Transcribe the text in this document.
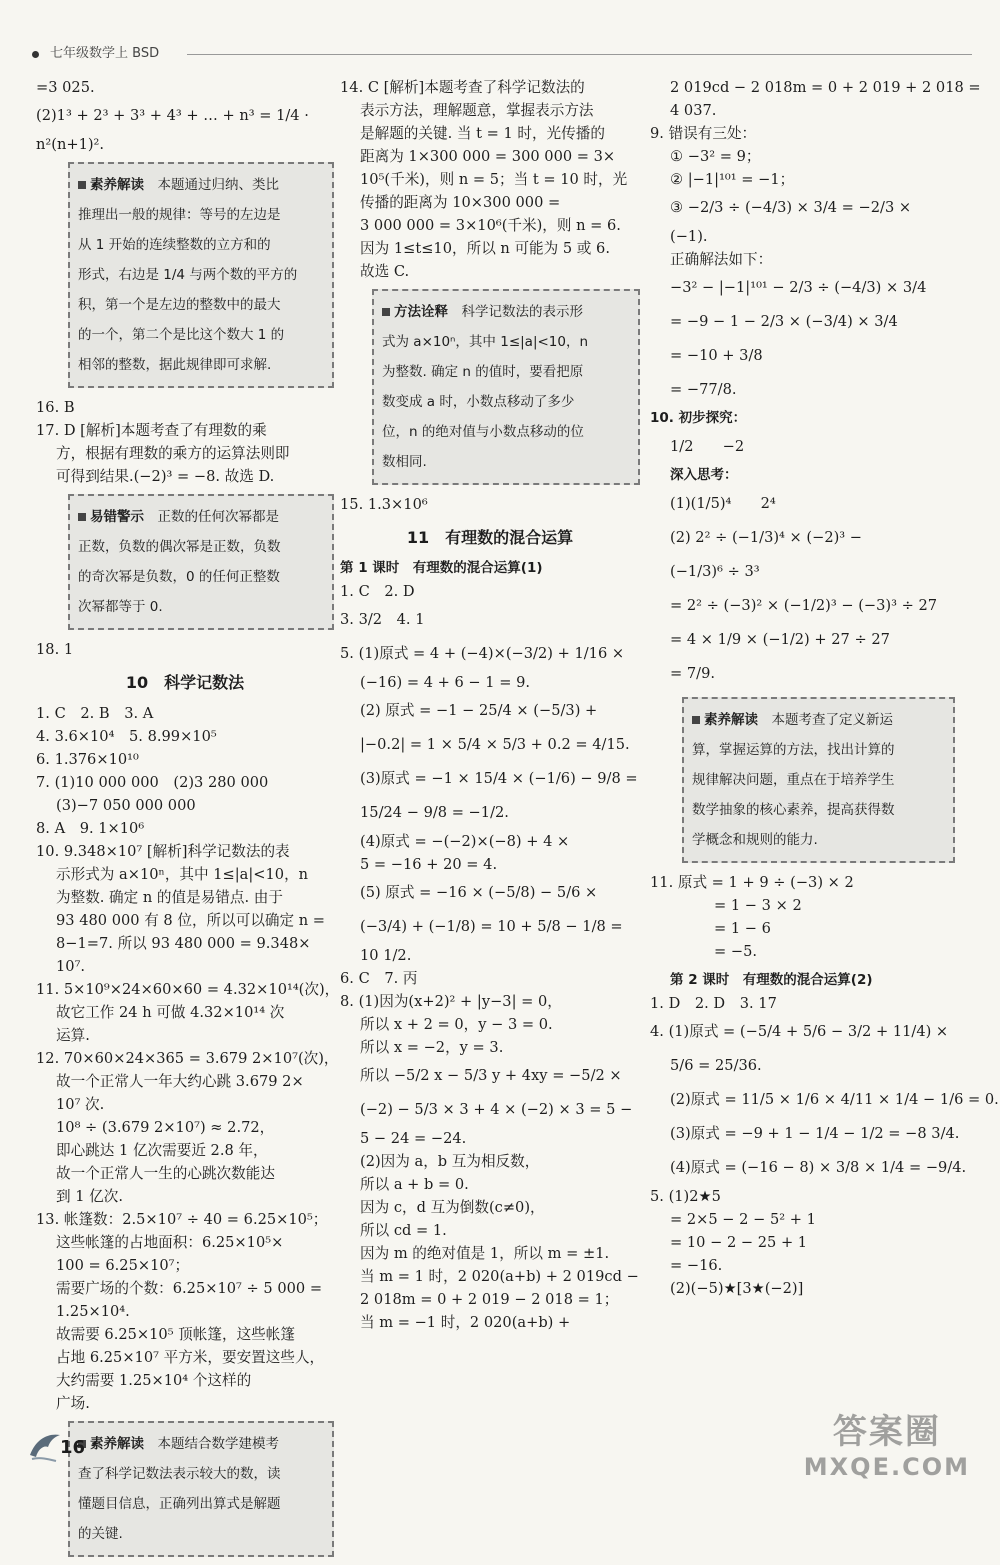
七年级数学上 BSD
=3 025.
(2)1³ + 2³ + 3³ + 4³ + … + n³ = 1/4 ·
n²(n+1)².
素养解读　 本题通过归纳、类比
推理出一般的规律：等号的左边是
从 1 开始的连续整数的立方和的
形式，右边是 1/4 与两个数的平方的
积，第一个是左边的整数中的最大
的一个，第二个是比这个数大 1 的
相邻的整数，据此规律即可求解.
16. B
17. D [解析]本题考查了有理数的乘
方，根据有理数的乘方的运算法则即
可得到结果.(−2)³ = −8. 故选 D.
易错警示　 正数的任何次幂都是
正数，负数的偶次幂是正数，负数
的奇次幂是负数，0 的任何正整数
次幂都等于 0.
18. 1
10　科学记数法
1. C　2. B　3. A
4. 3.6×10⁴　5. 8.99×10⁵
6. 1.376×10¹⁰
7. (1)10 000 000　(2)3 280 000
(3)−7 050 000 000
8. A　9. 1×10⁶
10. 9.348×10⁷ [解析]科学记数法的表
示形式为 a×10ⁿ，其中 1≤|a|<10，n
为整数. 确定 n 的值是易错点. 由于
93 480 000 有 8 位，所以可以确定 n =
8−1=7. 所以 93 480 000 = 9.348×
10⁷.
11. 5×10⁹×24×60×60 = 4.32×10¹⁴(次)，
故它工作 24 h 可做 4.32×10¹⁴ 次
运算.
12. 70×60×24×365 = 3.679 2×10⁷(次)，
故一个正常人一年大约心跳 3.679 2×
10⁷ 次.
10⁸ ÷ (3.679 2×10⁷) ≈ 2.72，
即心跳达 1 亿次需要近 2.8 年，
故一个正常人一生的心跳次数能达
到 1 亿次.
13. 帐篷数：2.5×10⁷ ÷ 40 = 6.25×10⁵；
这些帐篷的占地面积：6.25×10⁵×
100 = 6.25×10⁷；
需要广场的个数：6.25×10⁷ ÷ 5 000 =
1.25×10⁴.
故需要 6.25×10⁵ 顶帐篷，这些帐篷
占地 6.25×10⁷ 平方米，要安置这些人，
大约需要 1.25×10⁴ 个这样的
广场.
素养解读　 本题结合数学建模考
查了科学记数法表示较大的数，读
懂题目信息，正确列出算式是解题
的关键.
14. C [解析]本题考查了科学记数法的
表示方法，理解题意，掌握表示方法
是解题的关键. 当 t = 1 时，光传播的
距离为 1×300 000 = 300 000 = 3×
10⁵(千米)，则 n = 5；当 t = 10 时，光
传播的距离为 10×300 000 =
3 000 000 = 3×10⁶(千米)，则 n = 6.
因为 1≤t≤10，所以 n 可能为 5 或 6.
故选 C.
方法诠释　 科学记数法的表示形
式为 a×10ⁿ，其中 1≤|a|<10，n
为整数. 确定 n 的值时，要看把原
数变成 a 时，小数点移动了多少
位，n 的绝对值与小数点移动的位
数相同.
15. 1.3×10⁶
11　有理数的混合运算
第 1 课时　有理数的混合运算(1)
1. C　2. D
3. 3/2　4. 1
5. (1)原式 = 4 + (−4)×(−3/2) + 1/16 ×
(−16) = 4 + 6 − 1 = 9.
(2) 原式 = −1 − 25/4 × (−5/3) +
|−0.2| = 1 × 5/4 × 5/3 + 0.2 = 4/15.
(3)原式 = −1 × 15/4 × (−1/6) − 9/8 =
15/24 − 9/8 = −1/2.
(4)原式 = −(−2)×(−8) + 4 ×
5 = −16 + 20 = 4.
(5) 原式 = −16 × (−5/8) − 5/6 ×
(−3/4) + (−1/8) = 10 + 5/8 − 1/8 =
10 1/2.
6. C　7. 丙
8. (1)因为(x+2)² + |y−3| = 0，
所以 x + 2 = 0，y − 3 = 0.
所以 x = −2，y = 3.
所以 −5/2 x − 5/3 y + 4xy = −5/2 ×
(−2) − 5/3 × 3 + 4 × (−2) × 3 = 5 −
5 − 24 = −24.
(2)因为 a，b 互为相反数，
所以 a + b = 0.
因为 c，d 互为倒数(c≠0)，
所以 cd = 1.
因为 m 的绝对值是 1，所以 m = ±1.
当 m = 1 时，2 020(a+b) + 2 019cd −
2 018m = 0 + 2 019 − 2 018 = 1；
当 m = −1 时，2 020(a+b) +
2 019cd − 2 018m = 0 + 2 019 + 2 018 =
4 037.
9. 错误有三处：
① −3² = 9；
② |−1|¹⁰¹ = −1；
③ −2/3 ÷ (−4/3) × 3/4 = −2/3 ×
(−1).
正确解法如下：
−3² − |−1|¹⁰¹ − 2/3 ÷ (−4/3) × 3/4
= −9 − 1 − 2/3 × (−3/4) × 3/4
= −10 + 3/8
= −77/8.
10. 初步探究：
1/2　　−2
深入思考：
(1)(1/5)⁴　　2⁴
(2) 2² ÷ (−1/3)⁴ × (−2)³ −
(−1/3)⁶ ÷ 3³
= 2² ÷ (−3)² × (−1/2)³ − (−3)³ ÷ 27
= 4 × 1/9 × (−1/2) + 27 ÷ 27
= 7/9.
素养解读　 本题考查了定义新运
算，掌握运算的方法，找出计算的
规律解决问题，重点在于培养学生
数学抽象的核心素养，提高获得数
学概念和规则的能力.
11. 原式 = 1 + 9 ÷ (−3) × 2
= 1 − 3 × 2
= 1 − 6
= −5.
第 2 课时　有理数的混合运算(2)
1. D　2. D　3. 17
4. (1)原式 = (−5/4 + 5/6 − 3/2 + 11/4) ×
5/6 = 25/36.
(2)原式 = 11/5 × 1/6 × 4/11 × 1/4 − 1/6 = 0.
(3)原式 = −9 + 1 − 1/4 − 1/2 = −8 3/4.
(4)原式 = (−16 − 8) × 3/8 × 1/4 = −9/4.
5. (1)2★5
= 2×5 − 2 − 5² + 1
= 10 − 2 − 25 + 1
= −16.
(2)(−5)★[3★(−2)]
16	答案圈
MXQE.COM
